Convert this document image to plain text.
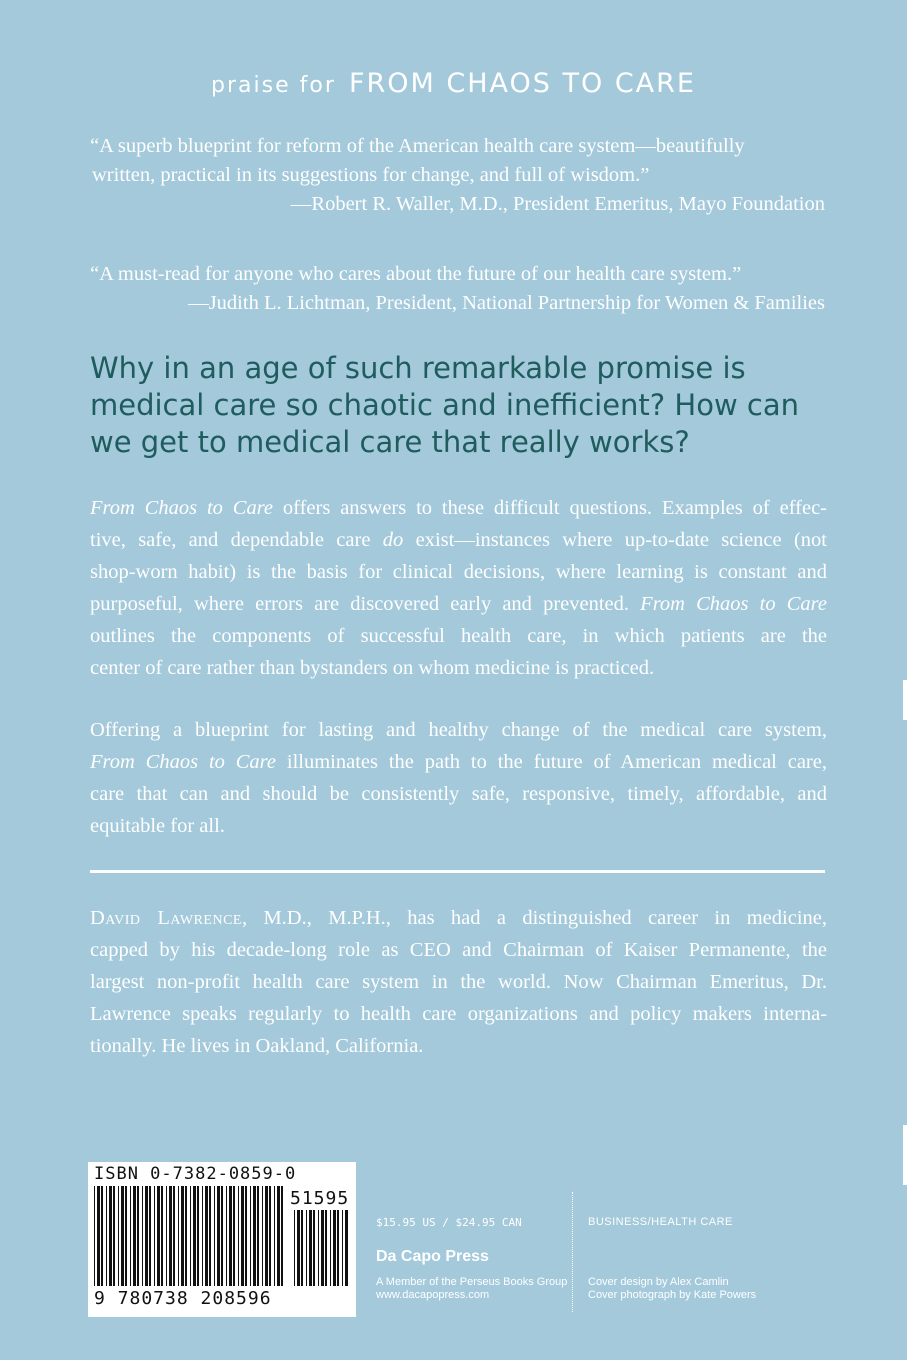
praise for FROM CHAOS TO CARE
“A superb blueprint for reform of the American health care system—beautifully
written, practical in its suggestions for change, and full of wisdom.”
—Robert R. Waller, M.D., President Emeritus, Mayo Foundation
“A must-read for anyone who cares about the future of our health care system.”
—Judith L. Lichtman, President, National Partnership for Women & Families
Why in an age of such remarkable promise is
medical care so chaotic and inefficient? How can
we get to medical care that really works?
From Chaos to Care offers answers to these difficult questions. Examples of effec-
tive, safe, and dependable care do exist—instances where up-to-date science (not
shop-worn habit) is the basis for clinical decisions, where learning is constant and
purposeful, where errors are discovered early and prevented. From Chaos to Care
outlines the components of successful health care, in which patients are the
center of care rather than bystanders on whom medicine is practiced.
Offering a blueprint for lasting and healthy change of the medical care system,
From Chaos to Care illuminates the path to the future of American medical care,
care that can and should be consistently safe, responsive, timely, affordable, and
equitable for all.
David Lawrence, M.D., M.P.H., has had a distinguished career in medicine,
capped by his decade-long role as CEO and Chairman of Kaiser Permanente, the
largest non-profit health care system in the world. Now Chairman Emeritus, Dr.
Lawrence speaks regularly to health care organizations and policy makers interna-
tionally. He lives in Oakland, California.
ISBN 0-7382-0859-0
51595
9 780738 208596
$15.95 US / $24.95 CAN
Da Capo Press
A Member of the Perseus Books Group
www.dacapopress.com
BUSINESS/HEALTH CARE
Cover design by Alex Camlin
Cover photograph by Kate Powers
